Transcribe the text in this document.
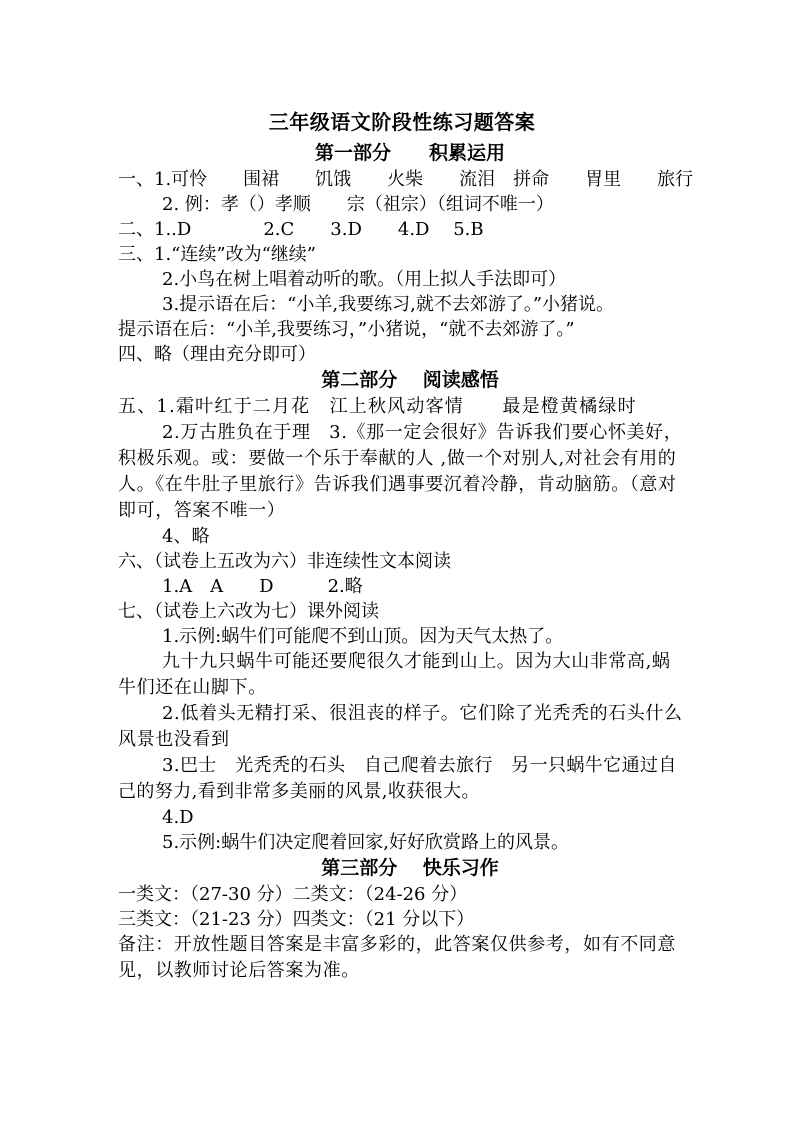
三年级语文阶段性练习题答案
第一部分　　积累运用
一、1.可怜　　围裙　　饥饿　　火柴　　流泪　拼命　　胃里　　旅行
2. 例：孝（）孝顺　　宗（祖宗）（组词不唯一）
二、1..D　　　　2.C　　3.D　　4.D　 5.B
三、1.“连续”改为“继续”
2.小鸟在树上唱着动听的歌。（用上拟人手法即可）
3.提示语在后：“小羊,我要练习,就不去郊游了。”小猪说。
提示语在后：“小羊,我要练习，”小猪说，“就不去郊游了。”
四、略（理由充分即可）
第二部分　 阅读感悟
五、1.霜叶红于二月花　江上秋风动客情　　最是橙黄橘绿时
2.万古胜负在于理　3.《那一定会很好》告诉我们要心怀美好，积极乐观。或：要做一个乐于奉献的人 ,做一个对别人,对社会有用的人。《在牛肚子里旅行》告诉我们遇事要沉着冷静，肯动脑筋。（意对即可，答案不唯一）
4、略
六、（试卷上五改为六）非连续性文本阅读
1.A　A　　D　　　2.略
七、（试卷上六改为七）课外阅读
1.示例:蜗牛们可能爬不到山顶。因为天气太热了。
九十九只蜗牛可能还要爬很久才能到山上。因为大山非常高,蜗牛们还在山脚下。
2.低着头无精打采、很沮丧的样子。它们除了光秃秃的石头什么风景也没看到
3.巴士　光秃秃的石头　自己爬着去旅行　另一只蜗牛它通过自己的努力,看到非常多美丽的风景,收获很大。
4.D
5.示例:蜗牛们决定爬着回家,好好欣赏路上的风景。
第三部分　 快乐习作
一类文：（27-30 分）二类文：（24-26 分）
三类文：（21-23 分）四类文：（21 分以下）
备注：开放性题目答案是丰富多彩的，此答案仅供参考，如有不同意见，以教师讨论后答案为准。
